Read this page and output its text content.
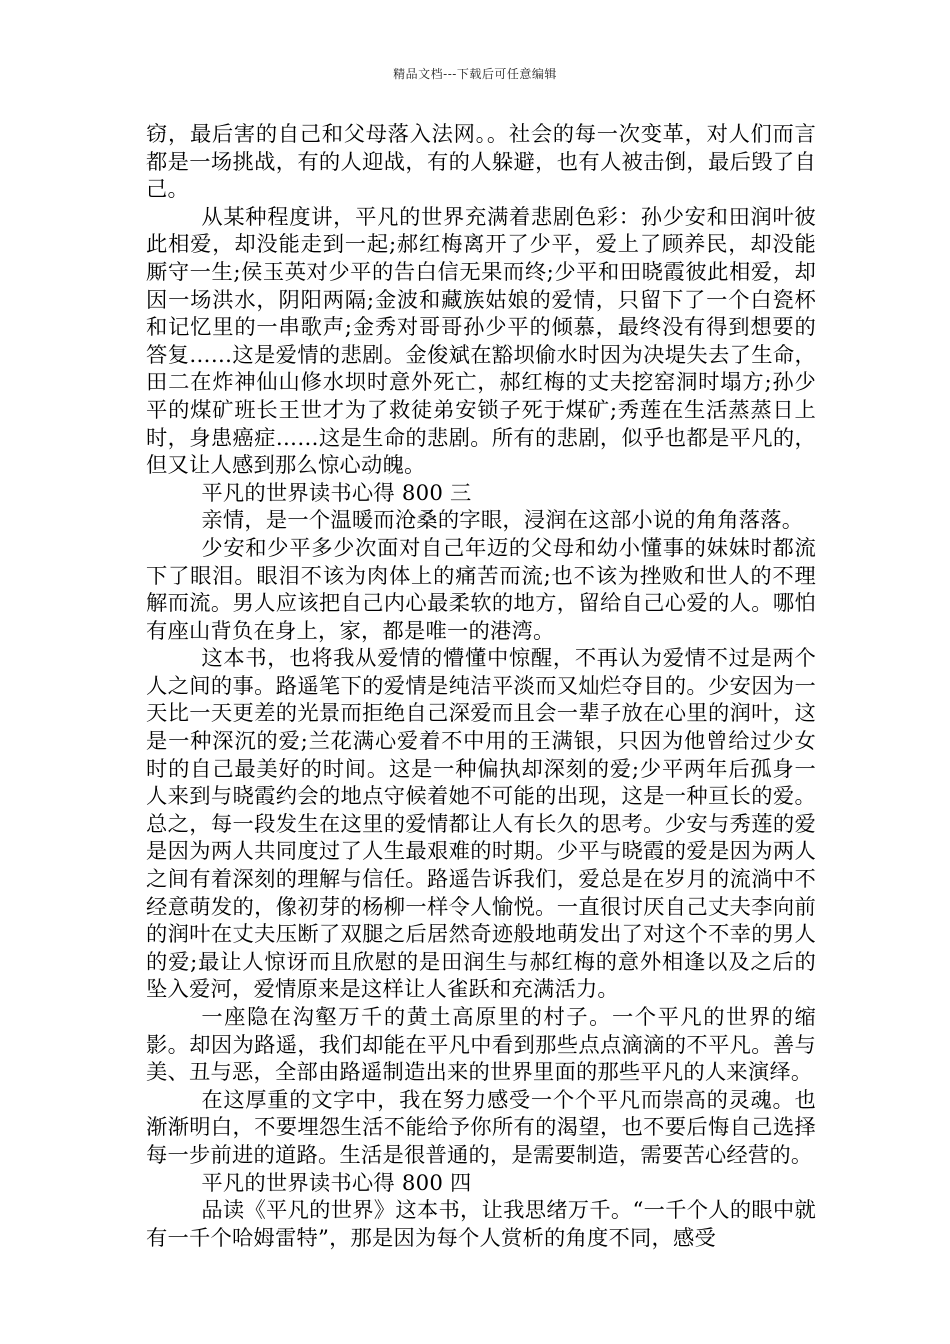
精品文档---下载后可任意编辑

窃，最后害的自己和父母落入法网。。社会的每一次变革，对人们而言都是一场挑战，有的人迎战，有的人躲避，也有人被击倒，最后毁了自己。

从某种程度讲，平凡的世界充满着悲剧色彩：孙少安和田润叶彼此相爱，却没能走到一起;郝红梅离开了少平，爱上了顾养民，却没能厮守一生;侯玉英对少平的告白信无果而终;少平和田晓霞彼此相爱，却因一场洪水，阴阳两隔;金波和藏族姑娘的爱情，只留下了一个白瓷杯和记忆里的一串歌声;金秀对哥哥孙少平的倾慕，最终没有得到想要的答复……这是爱情的悲剧。金俊斌在豁坝偷水时因为决堤失去了生命，田二在炸神仙山修水坝时意外死亡，郝红梅的丈夫挖窑洞时塌方;孙少平的煤矿班长王世才为了救徒弟安锁子死于煤矿;秀莲在生活蒸蒸日上时，身患癌症……这是生命的悲剧。所有的悲剧，似乎也都是平凡的，但又让人感到那么惊心动魄。

平凡的世界读书心得 800 三

亲情，是一个温暖而沧桑的字眼，浸润在这部小说的角角落落。

少安和少平多少次面对自己年迈的父母和幼小懂事的妹妹时都流下了眼泪。眼泪不该为肉体上的痛苦而流;也不该为挫败和世人的不理解而流。男人应该把自己内心最柔软的地方，留给自己心爱的人。哪怕有座山背负在身上，家，都是唯一的港湾。

这本书，也将我从爱情的懵懂中惊醒，不再认为爱情不过是两个人之间的事。路遥笔下的爱情是纯洁平淡而又灿烂夺目的。少安因为一天比一天更差的光景而拒绝自己深爱而且会一辈子放在心里的润叶，这是一种深沉的爱;兰花满心爱着不中用的王满银，只因为他曾给过少女时的自己最美好的时间。这是一种偏执却深刻的爱;少平两年后孤身一人来到与晓霞约会的地点守候着她不可能的出现，这是一种亘长的爱。总之，每一段发生在这里的爱情都让人有长久的思考。少安与秀莲的爱是因为两人共同度过了人生最艰难的时期。少平与晓霞的爱是因为两人之间有着深刻的理解与信任。路遥告诉我们，爱总是在岁月的流淌中不经意萌发的，像初芽的杨柳一样令人愉悦。一直很讨厌自己丈夫李向前的润叶在丈夫压断了双腿之后居然奇迹般地萌发出了对这个不幸的男人的爱;最让人惊讶而且欣慰的是田润生与郝红梅的意外相逢以及之后的坠入爱河，爱情原来是这样让人雀跃和充满活力。

一座隐在沟壑万千的黄土高原里的村子。一个平凡的世界的缩影。却因为路遥，我们却能在平凡中看到那些点点滴滴的不平凡。善与美、丑与恶，全部由路遥制造出来的世界里面的那些平凡的人来演绎。

在这厚重的文字中，我在努力感受一个个平凡而崇高的灵魂。也渐渐明白，不要埋怨生活不能给予你所有的渴望，也不要后悔自己选择每一步前进的道路。生活是很普通的，是需要制造，需要苦心经营的。

平凡的世界读书心得 800 四

品读《平凡的世界》这本书，让我思绪万千。“一千个人的眼中就有一千个哈姆雷特”，那是因为每个人赏析的角度不同，感受
